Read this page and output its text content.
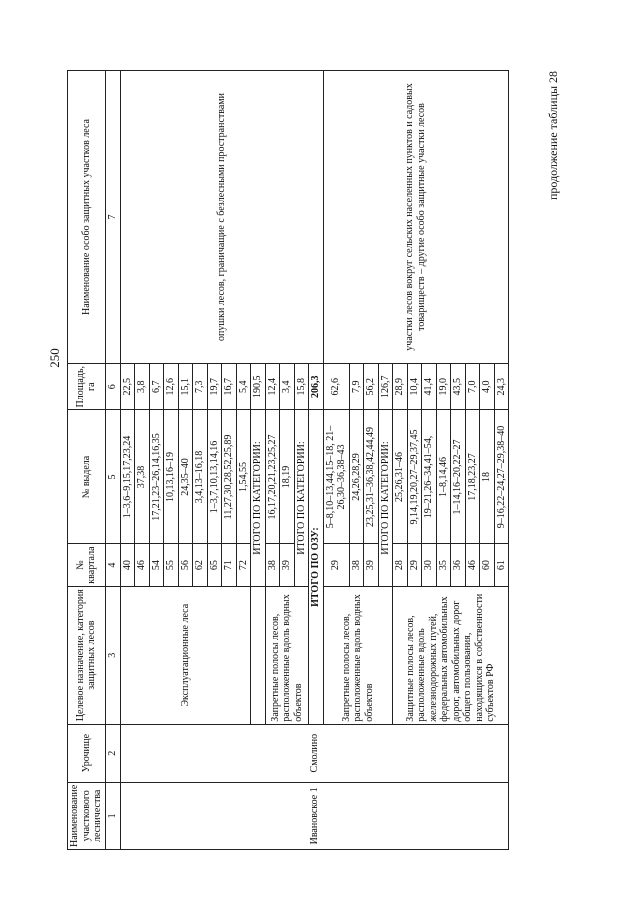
250
продолжение таблицы 28
Наименование участкового лесничества	Урочище	Целевое назначение, категория защитных лесов	№ квартала	№ выдела	Площадь, га	Наименование особо защитных участков леса
1	2	3	4	5	6	7
Ивановское 1	Смолино	Эксплуатационные леса	40	1–3,6–9,15,17,23,24	22,5	опушки лесов, граничащие с безлесными пространствами
			46	37,38	3,8	
			54	17,21,23–26,14,16,35	6,7	
			55	10,13,16–19	12,6	
			56	24,35–40	15,1	
			62	3,4,13–16,18	7,3	
			65	1–3,7,10,13,14,16	19,7	
			71	11,27,30,28,52,25,89	16,7	
			72	1,54,55	5,4	
			ИТОГО ПО КАТЕГОРИИ:		190,5	
		Запретные полосы лесов, расположенные вдоль водных объектов	38	16,17,20,21,23,25,27	12,4	
			39	18,19	3,4	
			ИТОГО ПО КАТЕГОРИИ:		15,8	
		ИТОГО ПО ОЗУ:			206,3	
		Запретные полосы лесов, расположенные вдоль водных объектов	29	5–8,10–13,44,15–18, 21–26,30–36,38–43	62,6	участки лесов вокруг сельских населенных пунктов и садовых товариществ – другие особо защитные участки лесов
			38	24,26,28,29	7,9	
			39	23,25,31–36,38,42,44,49	56,2	
			ИТОГО ПО КАТЕГОРИИ:		126,7	
		Защитные полосы лесов, расположенные вдоль железнодорожных путей, федеральных автомобильных дорог, автомобильных дорог общего пользования, находящихся в собственности субъектов РФ	28	25,26,31–46	28,9	
			29	9,14,19,20,27–29,37,45	10,4	
			30	19–21,26–34,41–54,	41,4	
			35	1–8,14,46	19,0	
			36	1–14,16–20,22–27	43,5	
			46	17,18,23,27	7,0	
			60	18	4,0	
			61	9–16,22–24,27–29,38–40	24,3	
